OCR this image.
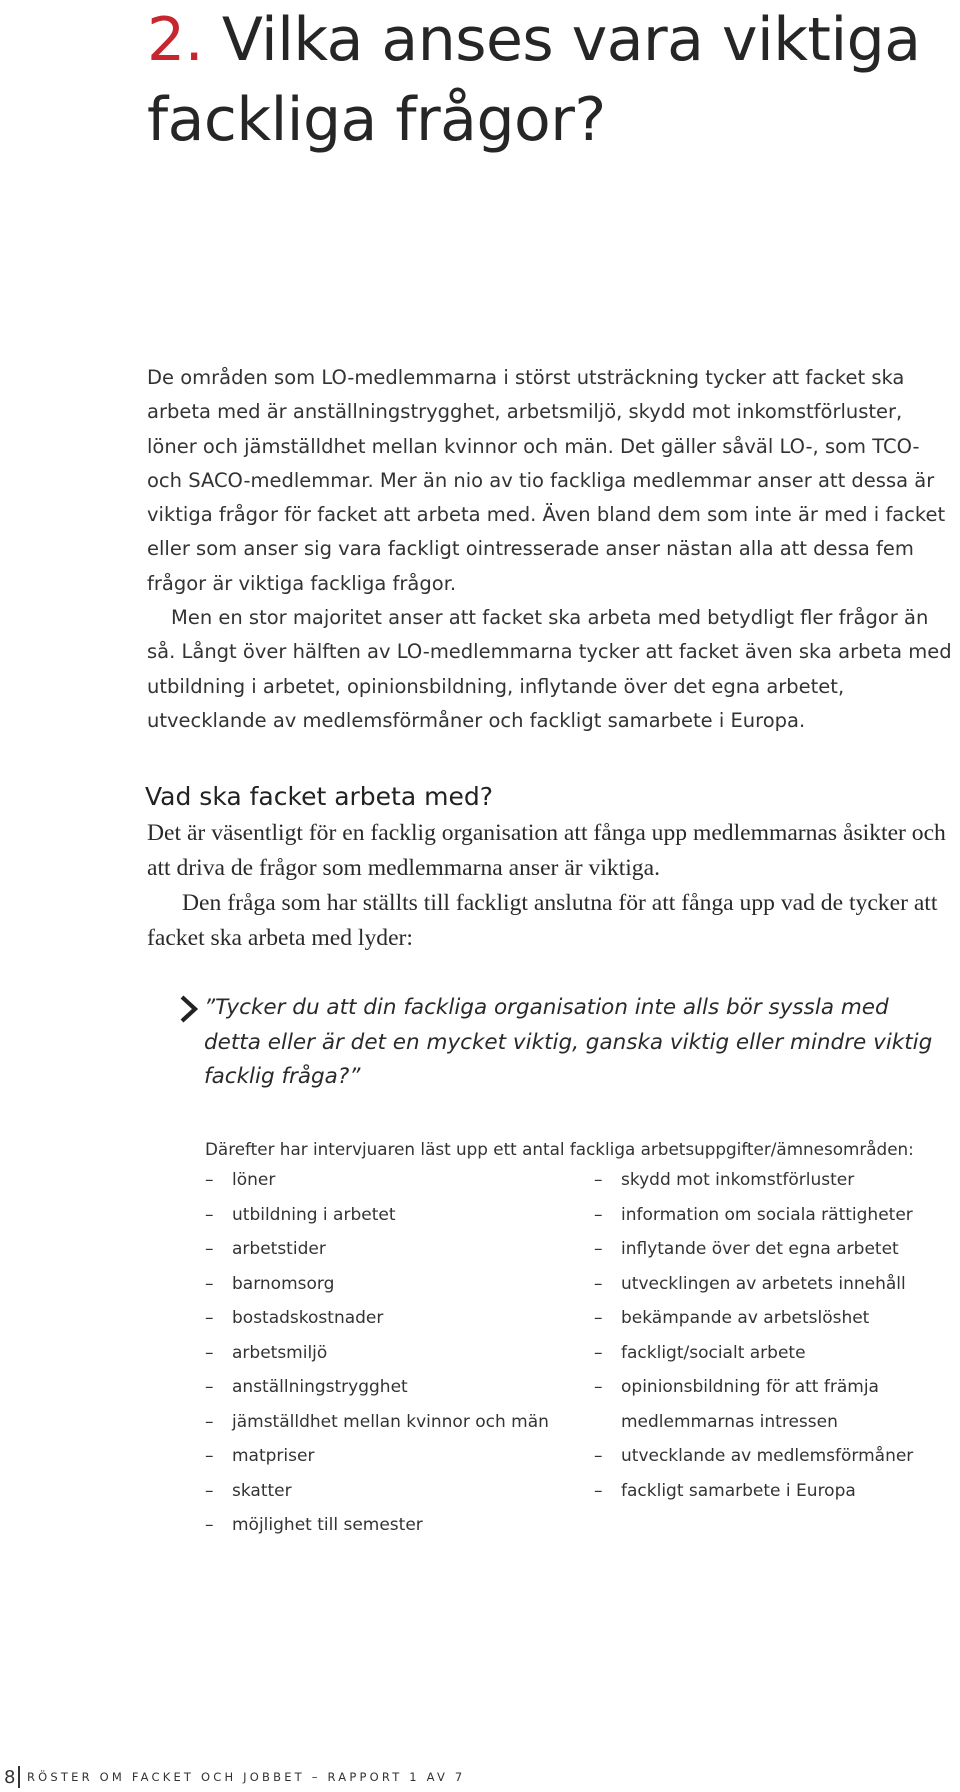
2. Vilka anses vara viktiga
fackliga frågor?

De områden som LO-medlemmarna i störst utsträckning tycker att facket ska arbeta med är anställningstrygghet, arbetsmiljö, skydd mot inkomstförluster, löner och jämställdhet mellan kvinnor och män. Det gäller såväl LO-, som TCO- och SACO-medlemmar. Mer än nio av tio fackliga medlemmar anser att dessa är viktiga frågor för facket att arbeta med. Även bland dem som inte är med i facket eller som anser sig vara fackligt ointresserade anser nästan alla att dessa fem frågor är viktiga fackliga frågor.

Men en stor majoritet anser att facket ska arbeta med betydligt fler frågor än så. Långt över hälften av LO-medlemmarna tycker att facket även ska arbeta med utbildning i arbetet, opinionsbildning, inflytande över det egna arbetet, utvecklande av medlemsförmåner och fackligt samarbete i Europa.

Vad ska facket arbeta med?

Det är väsentligt för en facklig organisation att fånga upp medlemmarnas åsikter och att driva de frågor som medlemmarna anser är viktiga.

Den fråga som har ställts till fackligt anslutna för att fånga upp vad de tycker att facket ska arbeta med lyder:

”Tycker du att din fackliga organisation inte alls bör syssla med detta eller är det en mycket viktig, ganska viktig eller mindre viktig facklig fråga?”
Därefter har intervjuaren läst upp ett antal fackliga arbetsuppgifter/ämnesområden:
–	löner
–	utbildning i arbetet
–	arbetstider
–	barnomsorg
–	bostadskostnader
–	arbetsmiljö
–	anställningstrygghet
–	jämställdhet mellan kvinnor och män
–	matpriser
–	skatter
–	möjlighet till semester
–	skydd mot inkomstförluster
–	information om sociala rättigheter
–	inflytande över det egna arbetet
–	utvecklingen av arbetets innehåll
–	bekämpande av arbetslöshet
–	fackligt/socialt arbete
–	opinionsbildning för att främja
medlemmarnas intressen
–	utvecklande av medlemsförmåner
–	fackligt samarbete i Europa
8 RÖSTER OM FACKET OCH JOBBET – RAPPORT 1 AV 7
